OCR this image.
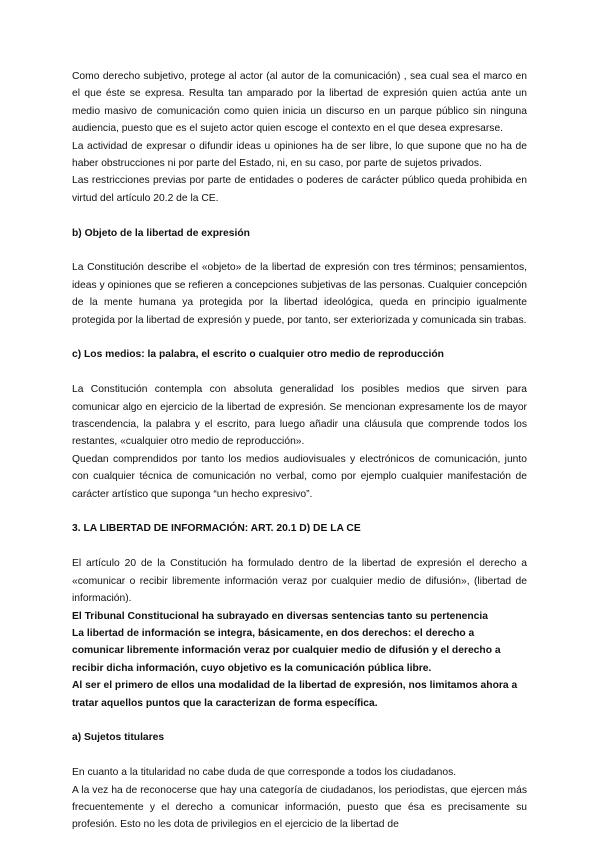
Como derecho subjetivo, protege al actor (al autor de la comunicación) , sea cual sea el marco en el que éste se expresa. Resulta tan amparado por la libertad de expresión quien actúa ante un medio masivo de comunicación como quien inicia un discurso en un parque público sin ninguna audiencia, puesto que es el sujeto actor quien escoge el contexto en el que desea expresarse.

La actividad de expresar o difundir ideas u opiniones ha de ser libre, lo que supone que no ha de haber obstrucciones ni por parte del Estado, ni, en su caso, por parte de sujetos privados.

Las restricciones previas por parte de entidades o poderes de carácter público queda prohibida en virtud del artículo 20.2 de la CE.

b) Objeto de la libertad de expresión

La Constitución describe el «objeto» de la libertad de expresión con tres términos; pensamientos, ideas y opiniones que se refieren a concepciones subjetivas de las personas. Cualquier concepción de la mente humana ya protegida por la libertad ideológica, queda en principio igualmente protegida por la libertad de expresión y puede, por tanto, ser exteriorizada y comunicada sin trabas.

c) Los medios: la palabra, el escrito o cualquier otro medio de reproducción

La Constitución contempla con absoluta generalidad los posibles medios que sirven para comunicar algo en ejercicio de la libertad de expresión. Se mencionan expresamente los de mayor trascendencia, la palabra y el escrito, para luego añadir una cláusula que comprende todos los restantes, «cualquier otro medio de reproducción».

Quedan comprendidos por tanto los medios audiovisuales y electrónicos de comunicación, junto con cualquier técnica de comunicación no verbal, como por ejemplo cualquier manifestación de carácter artístico que suponga “un hecho expresivo”.

3. LA LIBERTAD DE INFORMACIÓN: ART. 20.1 D) DE LA CE

El artículo 20 de la Constitución ha formulado dentro de la libertad de expresión el derecho a «comunicar o recibir libremente información veraz por cualquier medio de difusión», (libertad de información).

El Tribunal Constitucional ha subrayado en diversas sentencias tanto su pertenencia

La libertad de información se integra, básicamente, en dos derechos: el derecho a comunicar libremente información veraz por cualquier medio de difusión y el derecho a recibir dicha información, cuyo objetivo es la comunicación pública libre.

Al ser el primero de ellos una modalidad de la libertad de expresión, nos limitamos ahora a tratar aquellos puntos que la caracterizan de forma específica.

a) Sujetos titulares

En cuanto a la titularidad no cabe duda de que corresponde a todos los ciudadanos.

A la vez ha de reconocerse que hay una categoría de ciudadanos, los periodistas, que ejercen más frecuentemente y el derecho a comunicar información, puesto que ésa es precisamente su profesión. Esto no les dota de privilegios en el ejercicio de la libertad de
